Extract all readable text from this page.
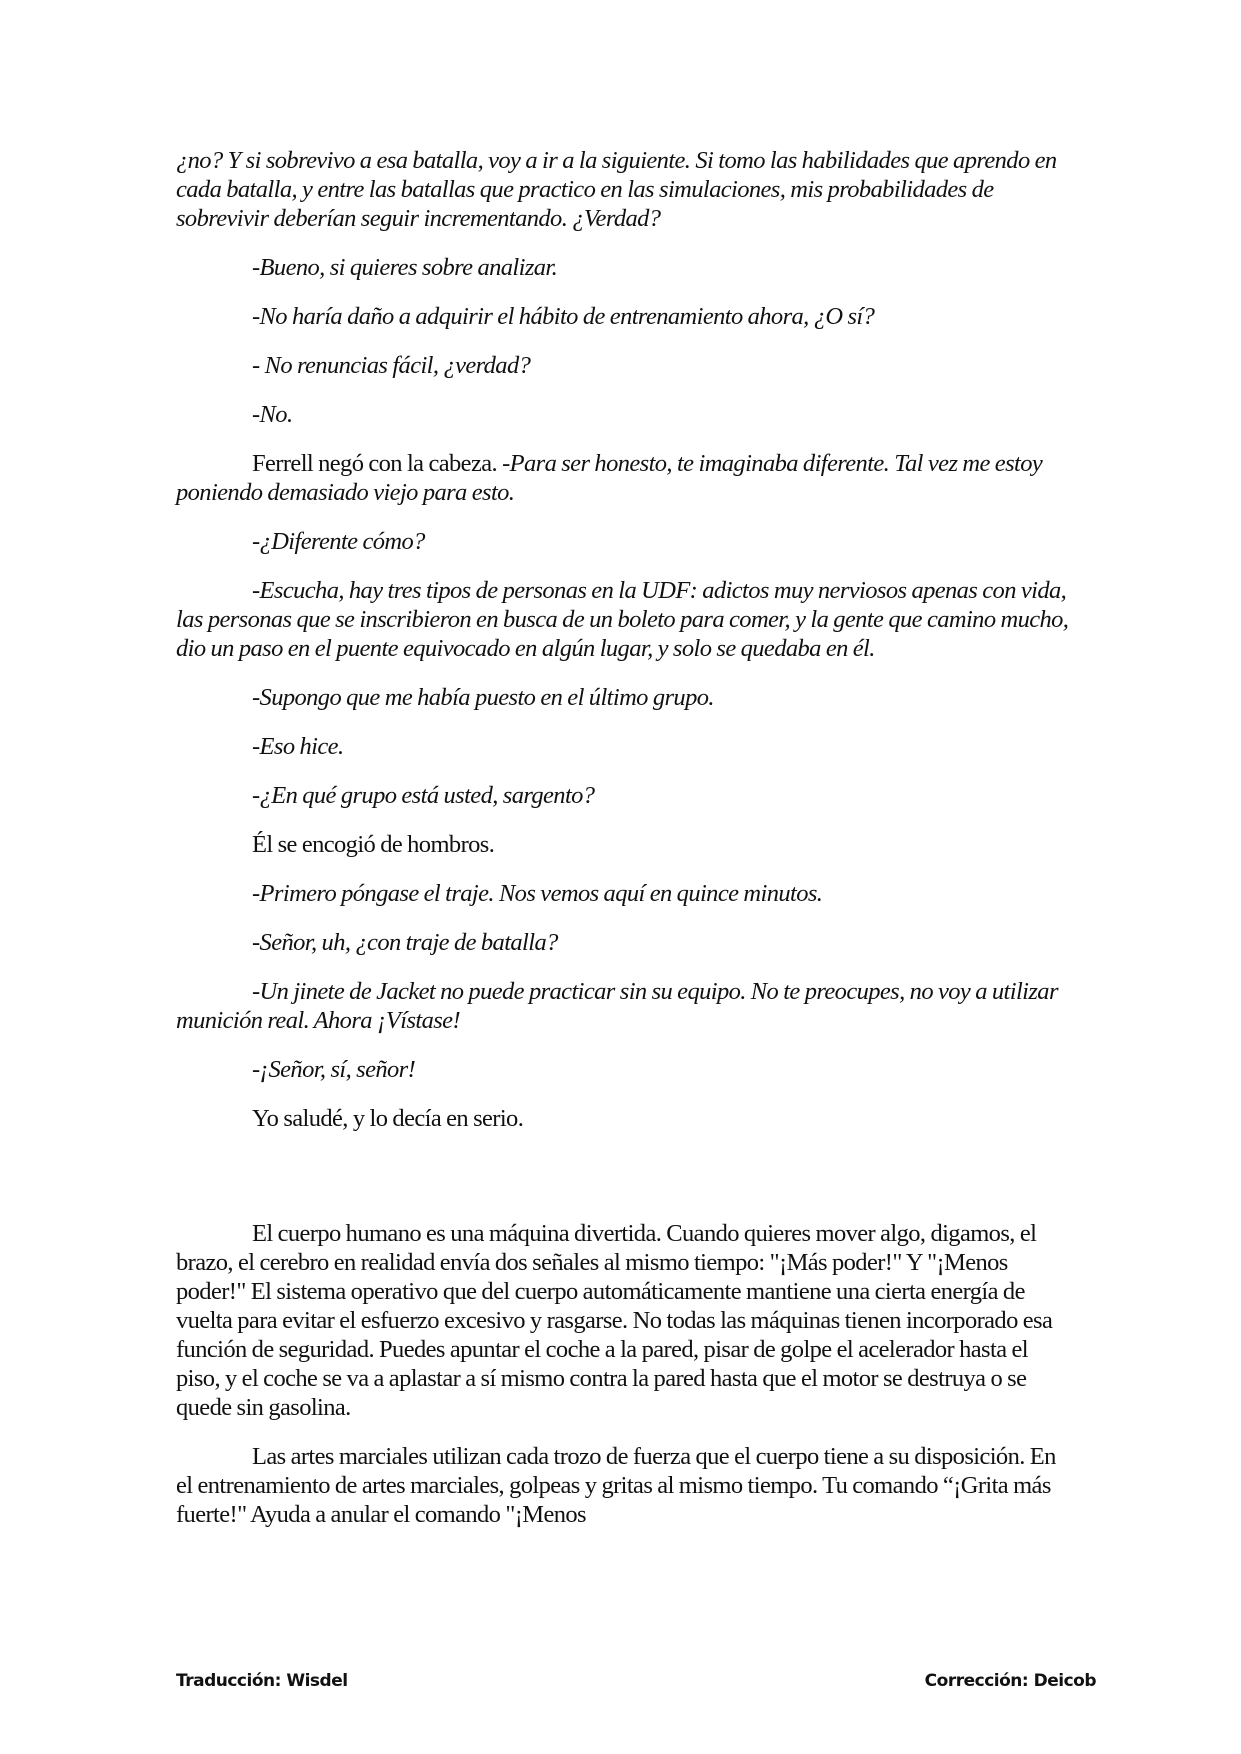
¿no? Y si sobrevivo a esa batalla, voy a ir a la siguiente. Si tomo las habilidades que aprendo en cada batalla, y entre las batallas que practico en las simulaciones, mis probabilidades de sobrevivir deberían seguir incrementando. ¿Verdad?

-Bueno, si quieres sobre analizar.

-No haría daño a adquirir el hábito de entrenamiento ahora, ¿O sí?

- No renuncias fácil, ¿verdad?

-No.

Ferrell negó con la cabeza. -Para ser honesto, te imaginaba diferente. Tal vez me estoy poniendo demasiado viejo para esto.

-¿Diferente cómo?

-Escucha, hay tres tipos de personas en la UDF: adictos muy nerviosos apenas con vida, las personas que se inscribieron en busca de un boleto para comer, y la gente que camino mucho, dio un paso en el puente equivocado en algún lugar, y solo se quedaba en él.

-Supongo que me había puesto en el último grupo.

-Eso hice.

-¿En qué grupo está usted, sargento?

Él se encogió de hombros.

-Primero póngase el traje. Nos vemos aquí en quince minutos.

-Señor, uh, ¿con traje de batalla?

-Un jinete de Jacket no puede practicar sin su equipo. No te preocupes, no voy a utilizar munición real. Ahora ¡Vístase!

-¡Señor, sí, señor!

Yo saludé, y lo decía en serio.

El cuerpo humano es una máquina divertida. Cuando quieres mover algo, digamos, el brazo, el cerebro en realidad envía dos señales al mismo tiempo: "¡Más poder!" Y "¡Menos poder!" El sistema operativo que del cuerpo automáticamente mantiene una cierta energía de vuelta para evitar el esfuerzo excesivo y rasgarse. No todas las máquinas tienen incorporado esa función de seguridad. Puedes apuntar el coche a la pared, pisar de golpe el acelerador hasta el piso, y el coche se va a aplastar a sí mismo contra la pared hasta que el motor se destruya o se quede sin gasolina.

Las artes marciales utilizan cada trozo de fuerza que el cuerpo tiene a su disposición. En el entrenamiento de artes marciales, golpeas y gritas al mismo tiempo. Tu comando “¡Grita más fuerte!" Ayuda a anular el comando "¡Menos

Traducción: Wisdel	Corrección: Deicob
